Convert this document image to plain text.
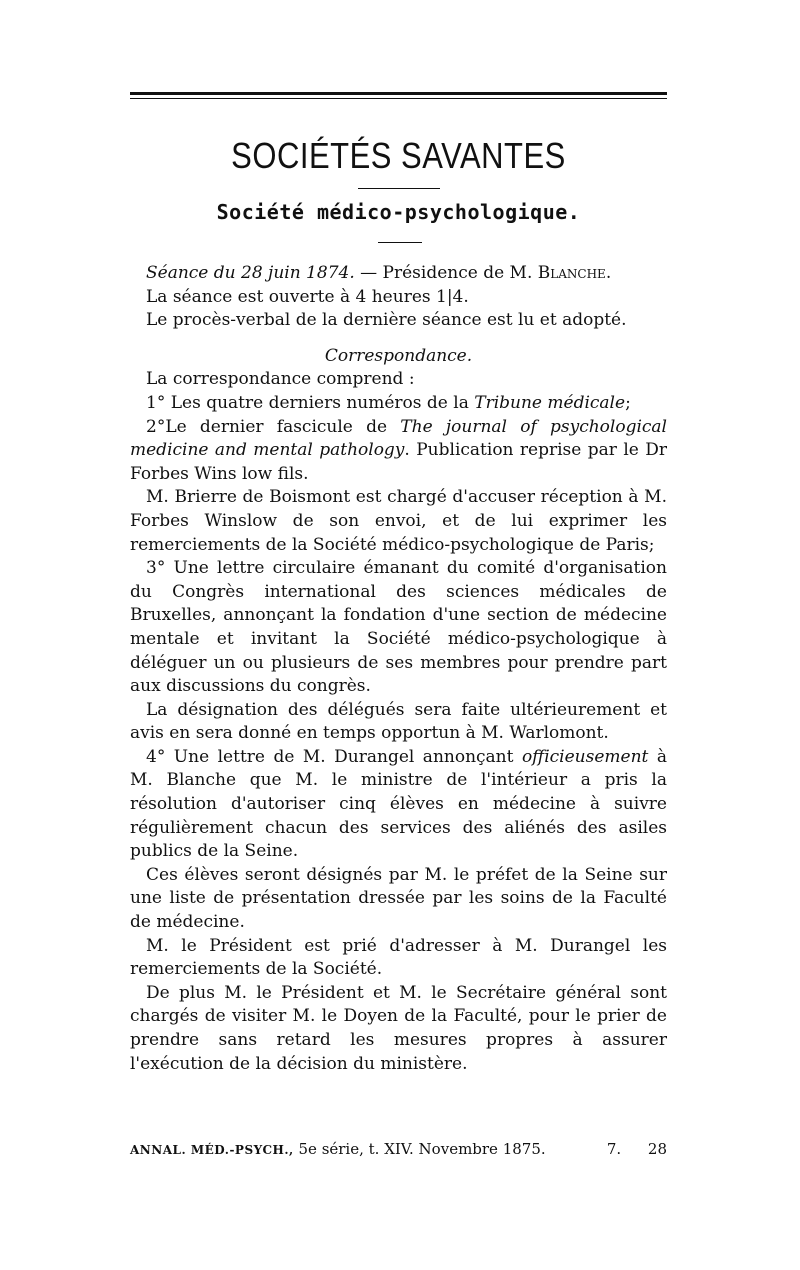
SOCIÉTÉS SAVANTES
Société médico-psychologique.

Séance du 28 juin 1874. — Présidence de M. Blanche.

La séance est ouverte à 4 heures 1|4.

Le procès-verbal de la dernière séance est lu et adopté.

Correspondance.

La correspondance comprend :

1° Les quatre derniers numéros de la Tribune médicale;

2°Le dernier fascicule de The journal of psychological medicine and mental pathology. Publication reprise par le Dr Forbes Wins low fils.

M. Brierre de Boismont est chargé d'accuser réception à M. Forbes Winslow de son envoi, et de lui exprimer les remerciements de la Société médico-psychologique de Paris;

3° Une lettre circulaire émanant du comité d'organisation du Congrès international des sciences médicales de Bruxelles, annonçant la fondation d'une section de médecine mentale et invitant la Société médico-psychologique à déléguer un ou plusieurs de ses membres pour prendre part aux discussions du congrès.

La désignation des délégués sera faite ultérieurement et avis en sera donné en temps opportun à M. Warlomont.

4° Une lettre de M. Durangel annonçant officieusement à M. Blanche que M. le ministre de l'intérieur a pris la résolution d'autoriser cinq élèves en médecine à suivre régulièrement chacun des services des aliénés des asiles publics de la Seine.

Ces élèves seront désignés par M. le préfet de la Seine sur une liste de présentation dressée par les soins de la Faculté de médecine.

M. le Président est prié d'adresser à M. Durangel les remerciements de la Société.

De plus M. le Président et M. le Secrétaire général sont chargés de visiter M. le Doyen de la Faculté, pour le prier de prendre sans retard les mesures propres à assurer l'exécution de la décision du ministère.

ANNAL. MÉD.-PSYCH., 5e série, t. XIV. Novembre 1875.	7. 28
